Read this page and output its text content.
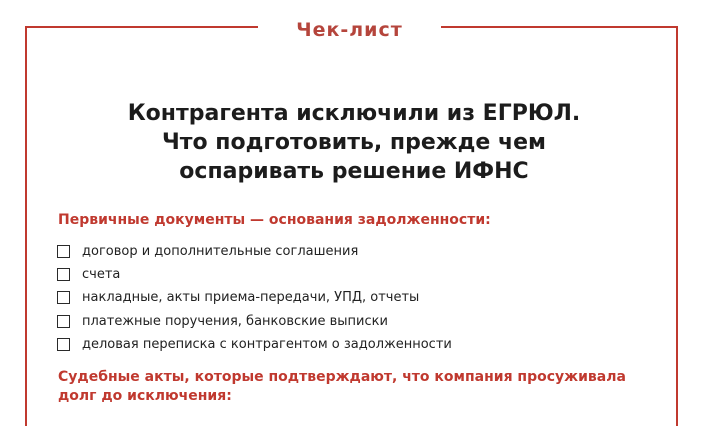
Чек-лист
Контрагента исключили из ЕГРЮЛ.
Что подготовить, прежде чем
оспаривать решение ИФНС
Первичные документы — основания задолженности:
договор и дополнительные соглашения
счета
накладные, акты приема-передачи, УПД, отчеты
платежные поручения, банковские выписки
деловая переписка с контрагентом о задолженности
Судебные акты, которые подтверждают, что компания просуживала
долг до исключения:
